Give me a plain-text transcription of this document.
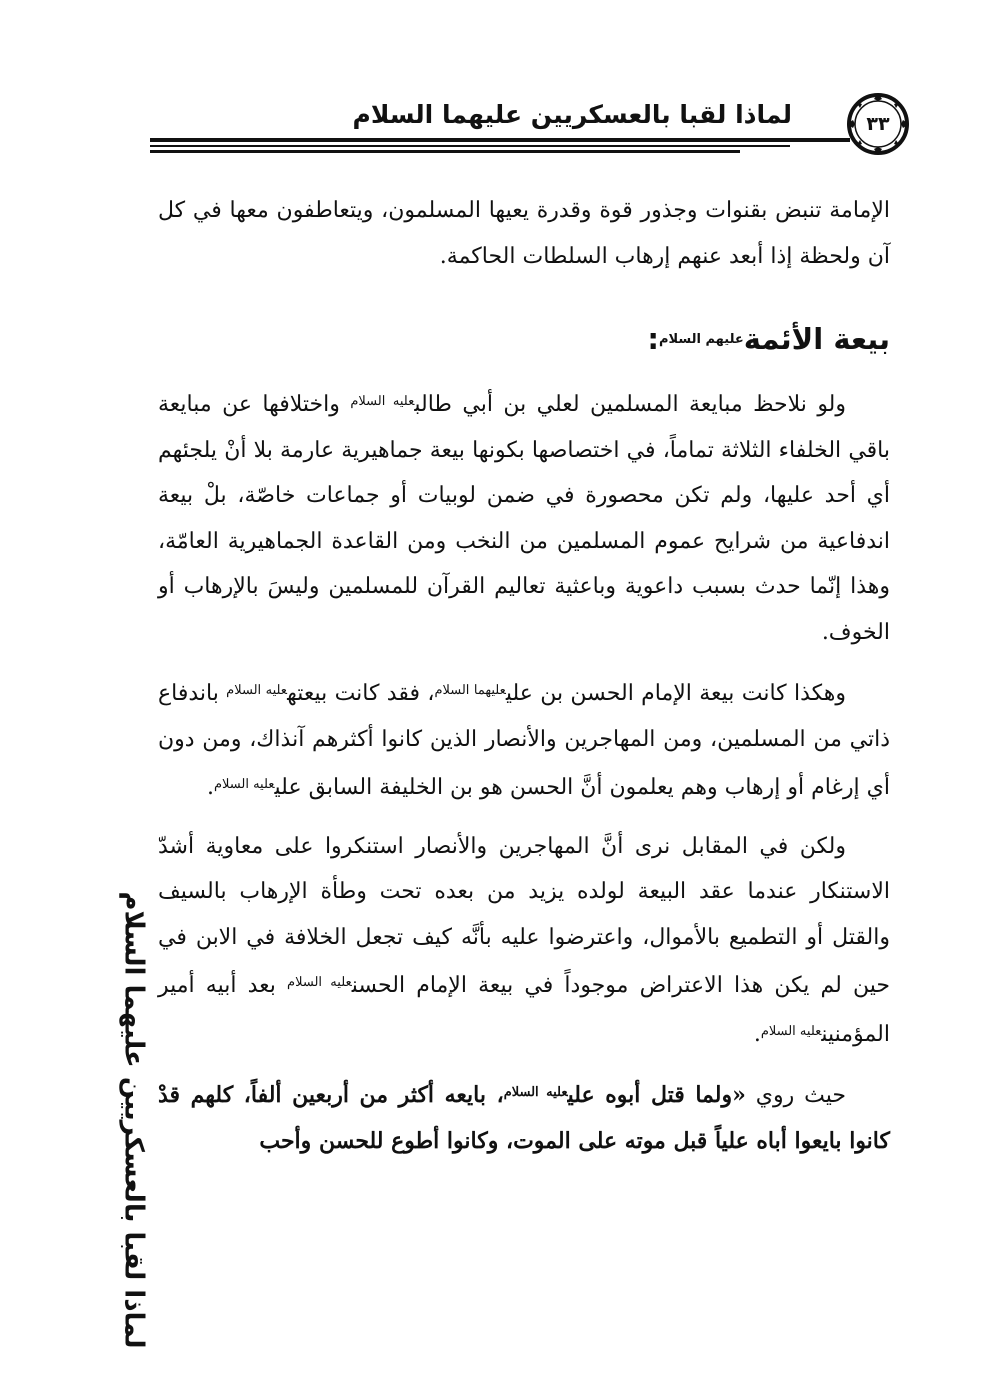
لماذا لقبا بالعسكريين عليهما السلام	٣٣
لماذا لقبا بالعسكريين عليهما السلام

الإمامة تنبض بقنوات وجذور قوة وقدرة يعيها المسلمون، ويتعاطفون معها في كل آن ولحظة إذا أبعد عنهم إرهاب السلطات الحاكمة.

بيعة الأئمة$^{عليهم السلام}$:

ولو نلاحظ مبايعة المسلمين لعلي بن أبي طالب$^{عليه السلام}$ واختلافها عن مبايعة باقي الخلفاء الثلاثة تماماً، في اختصاصها بكونها بيعة جماهيرية عارمة بلا أنْ يلجئهم أي أحد عليها، ولم تكن محصورة في ضمن لوبيات أو جماعات خاصّة، بلْ بيعة اندفاعية من شرايح عموم المسلمين من النخب ومن القاعدة الجماهيرية العامّة، وهذا إنّما حدث بسبب داعوية وباعثية تعاليم القرآن للمسلمين وليسَ بالإرهاب أو الخوف.

وهكذا كانت بيعة الإمام الحسن بن علي$^{عليهما السلام}$، فقد كانت بيعته$^{عليه السلام}$ باندفاع ذاتي من المسلمين، ومن المهاجرين والأنصار الذين كانوا أكثرهم آنذاك، ومن دون أي إرغام أو إرهاب وهم يعلمون أنَّ الحسن هو بن الخليفة السابق علي$^{عليه السلام}$.

ولكن في المقابل نرى أنَّ المهاجرين والأنصار استنكروا على معاوية أشدّ الاستنكار عندما عقد البيعة لولده يزيد من بعده تحت وطأة الإرهاب بالسيف والقتل أو التطميع بالأموال، واعترضوا عليه بأنَّه كيف تجعل الخلافة في الابن في حين لم يكن هذا الاعتراض موجوداً في بيعة الإمام الحسن$^{عليه السلام}$ بعد أبيه أمير المؤمنين$^{عليه السلام}$.

حيث روي «ولما قتل أبوه علي$^{عليه السلام}$، بايعه أكثر من أربعين ألفاً، كلهم قدْ كانوا بايعوا أباه علياً قبل موته على الموت، وكانوا أطوع للحسن وأحب
